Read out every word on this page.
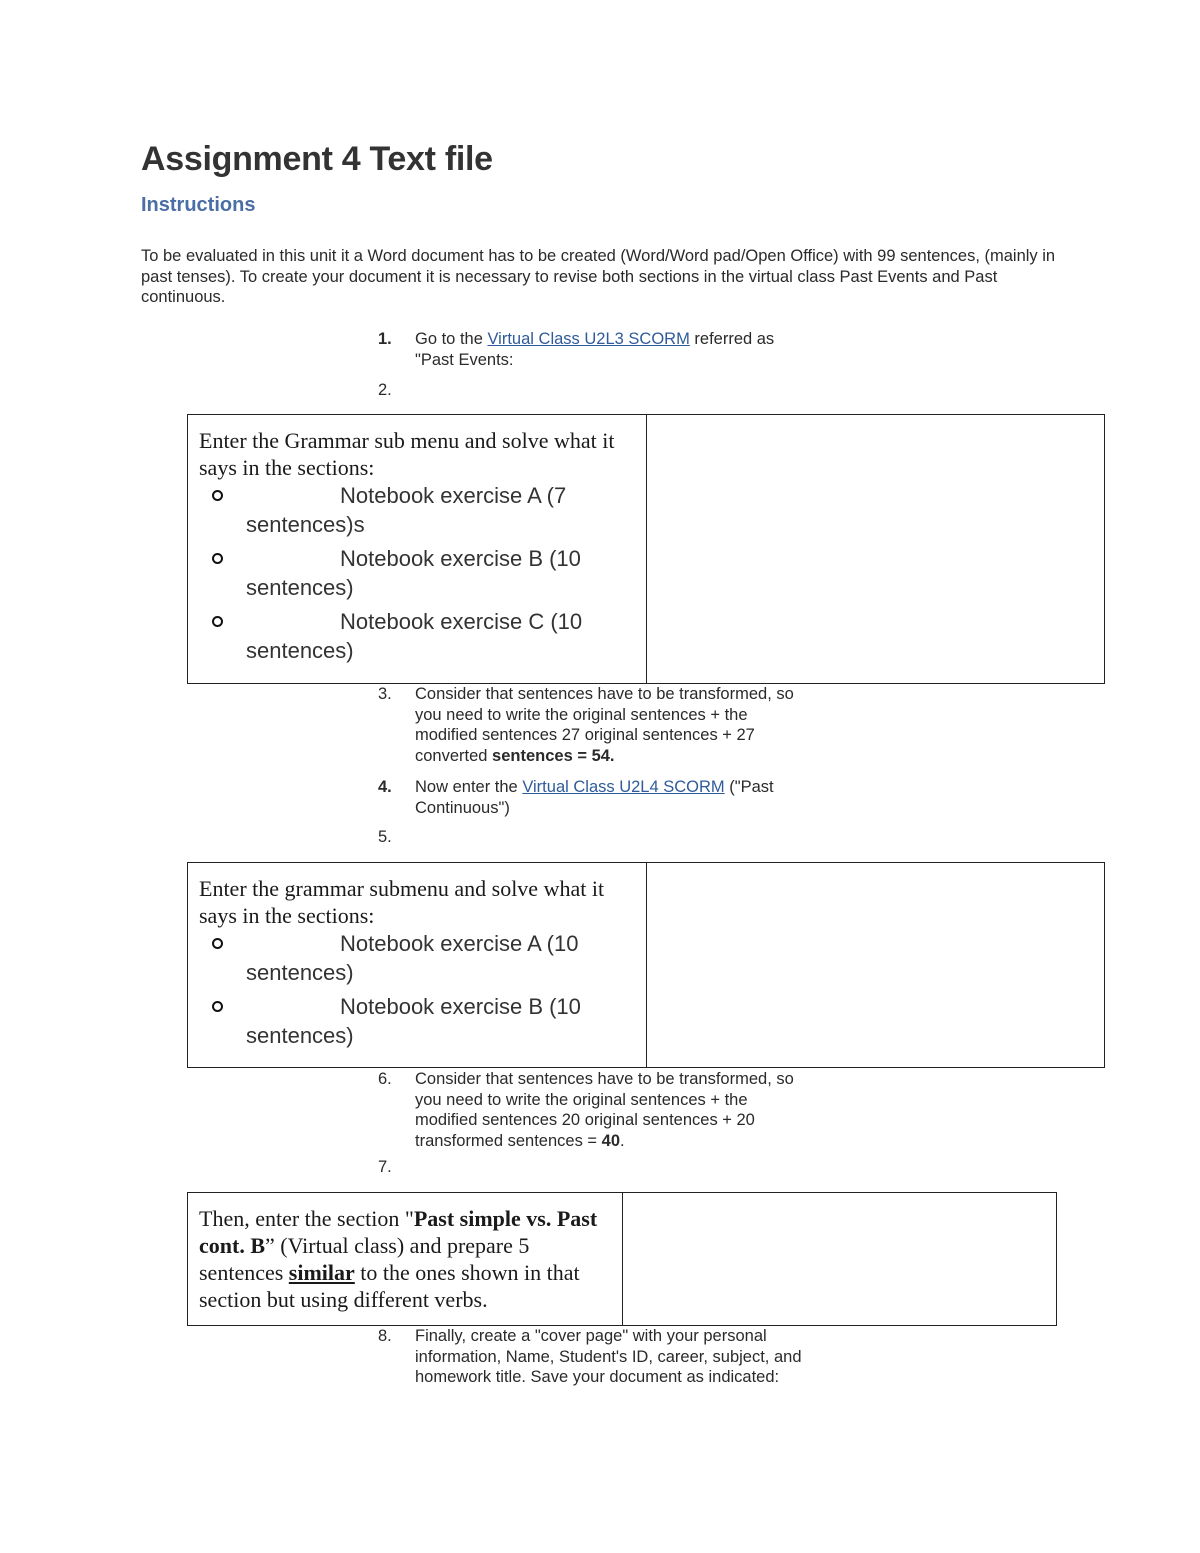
Assignment 4 Text file
Instructions

To be evaluated in this unit it a Word document has to be created (Word/Word pad/Open Office) with 99 sentences, (mainly in past tenses). To create your document it is necessary to revise both sections in the virtual class Past Events and Past continuous.

1.	Go to the Virtual Class U2L3 SCORM referred as "Past Events:
2.
Enter the Grammar sub menu and solve what it says in the sections:
Notebook exercise A (7 sentences)s
Notebook exercise B (10 sentences)
Notebook exercise C (10 sentences)

3.	Consider that sentences have to be transformed, so you need to write the original sentences + the modified sentences 27 original sentences + 27 converted sentences = 54.
4.	Now enter the Virtual Class U2L4 SCORM ("Past Continuous")
5.
Enter the grammar submenu and solve what it says in the sections:
Notebook exercise A (10 sentences)
Notebook exercise B (10 sentences)

6.	Consider that sentences have to be transformed, so you need to write the original sentences + the modified sentences 20 original sentences + 20 transformed sentences = 40.
7.
Then, enter the section "Past simple vs. Past cont. B” (Virtual class) and prepare 5 sentences similar to the ones shown in that section but using different verbs.

8.	Finally, create a "cover page" with your personal information, Name, Student's ID, career, subject, and homework title. Save your document as indicated:
